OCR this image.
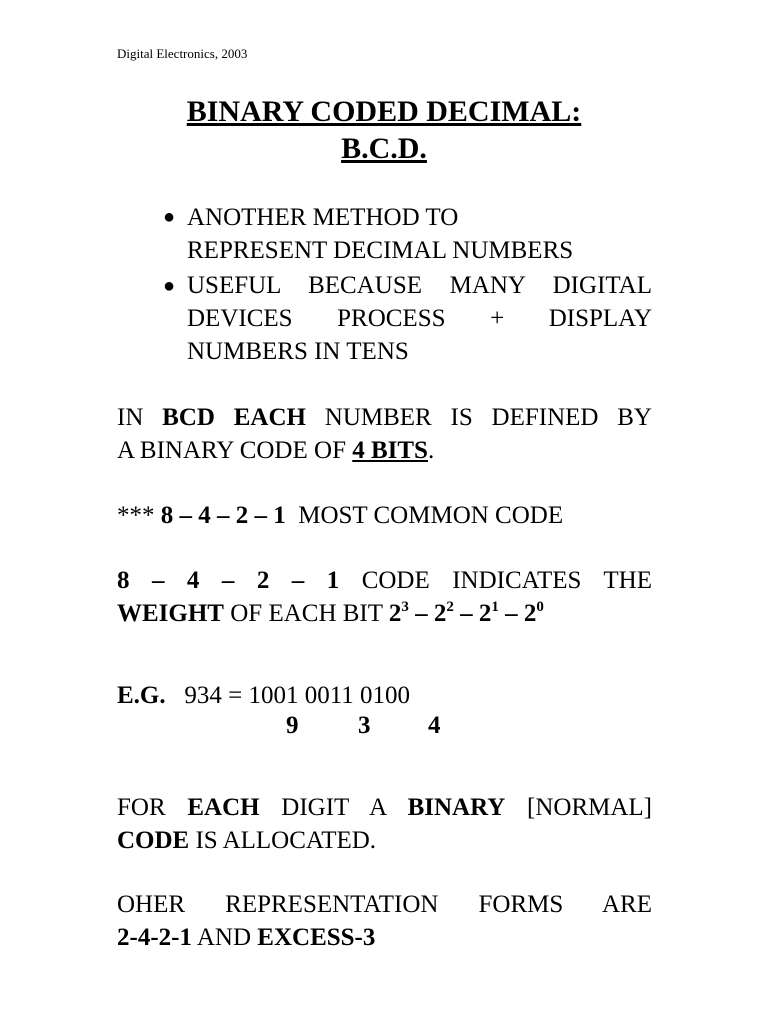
Digital Electronics, 2003
BINARY CODED DECIMAL:
B.C.D.
● ANOTHER METHOD TO
REPRESENT DECIMAL NUMBERS
● USEFUL BECAUSE MANY DIGITAL
DEVICES PROCESS + DISPLAY
NUMBERS IN TENS
IN BCD EACH NUMBER IS DEFINED BY
A BINARY CODE OF 4 BITS.
*** 8 – 4 – 2 – 1 MOST COMMON CODE
8 – 4 – 2 – 1 CODE INDICATES THE
WEIGHT OF EACH BIT $2^3 - 2^2 - 2^1 - 2^0$
E.G. 934 = 1001 0011 0100
9 3 4
FOR EACH DIGIT A BINARY [NORMAL]
CODE IS ALLOCATED.
OHER REPRESENTATION FORMS ARE
2-4-2-1 AND EXCESS-3
